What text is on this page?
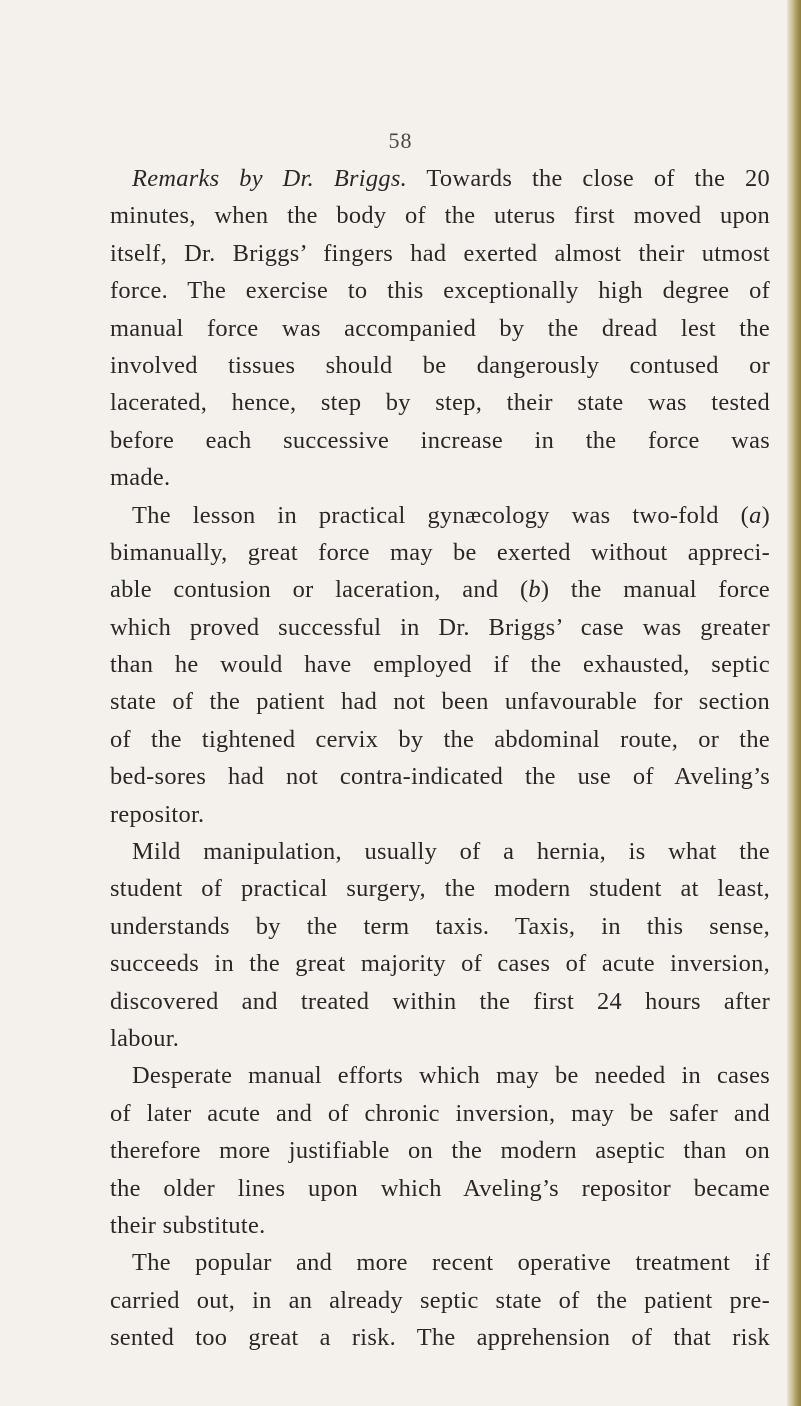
58
Remarks by Dr. Briggs. Towards the close of the 20
minutes, when the body of the uterus first moved upon
itself, Dr. Briggs’ fingers had exerted almost their utmost
force. The exercise to this exceptionally high degree of
manual force was accompanied by the dread lest the
involved tissues should be dangerously contused or
lacerated, hence, step by step, their state was tested
before each successive increase in the force was
made.
The lesson in practical gynæcology was two-fold (a)
bimanually, great force may be exerted without appreci-
able contusion or laceration, and (b) the manual force
which proved successful in Dr. Briggs’ case was greater
than he would have employed if the exhausted, septic
state of the patient had not been unfavourable for section
of the tightened cervix by the abdominal route, or the
bed-sores had not contra-indicated the use of Aveling’s
repositor.
Mild manipulation, usually of a hernia, is what the
student of practical surgery, the modern student at least,
understands by the term taxis. Taxis, in this sense,
succeeds in the great majority of cases of acute inversion,
discovered and treated within the first 24 hours after
labour.
Desperate manual efforts which may be needed in cases
of later acute and of chronic inversion, may be safer and
therefore more justifiable on the modern aseptic than on
the older lines upon which Aveling’s repositor became
their substitute.
The popular and more recent operative treatment if
carried out, in an already septic state of the patient pre-
sented too great a risk. The apprehension of that risk
